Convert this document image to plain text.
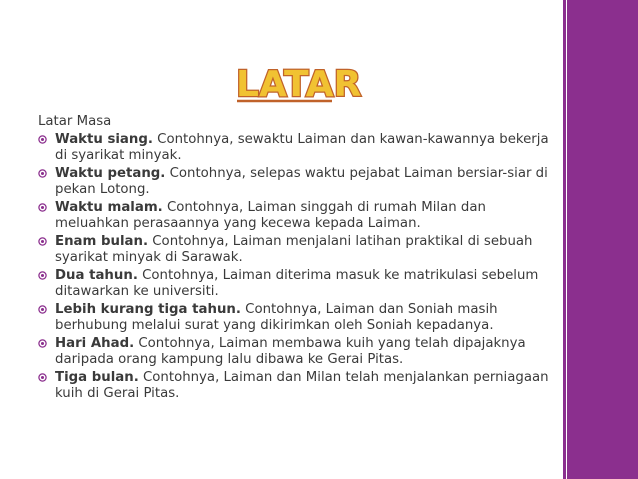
LATAR
Latar Masa
Waktu siang. Contohnya, sewaktu Laiman dan kawan-kawannya bekerja di syarikat minyak.
Waktu petang. Contohnya, selepas waktu pejabat Laiman bersiar-siar di pekan Lotong.
Waktu malam. Contohnya, Laiman singgah di rumah Milan dan meluahkan perasaannya yang kecewa kepada Laiman.
Enam bulan. Contohnya, Laiman menjalani latihan praktikal di sebuah syarikat minyak di Sarawak.
Dua tahun. Contohnya, Laiman diterima masuk ke matrikulasi sebelum ditawarkan ke universiti.
Lebih kurang tiga tahun. Contohnya, Laiman dan Soniah masih berhubung melalui surat yang dikirimkan oleh Soniah kepadanya.
Hari Ahad. Contohnya, Laiman membawa kuih yang telah dipajaknya daripada orang kampung lalu dibawa ke Gerai Pitas.
Tiga bulan. Contohnya, Laiman dan Milan telah menjalankan perniagaan kuih di Gerai Pitas.
